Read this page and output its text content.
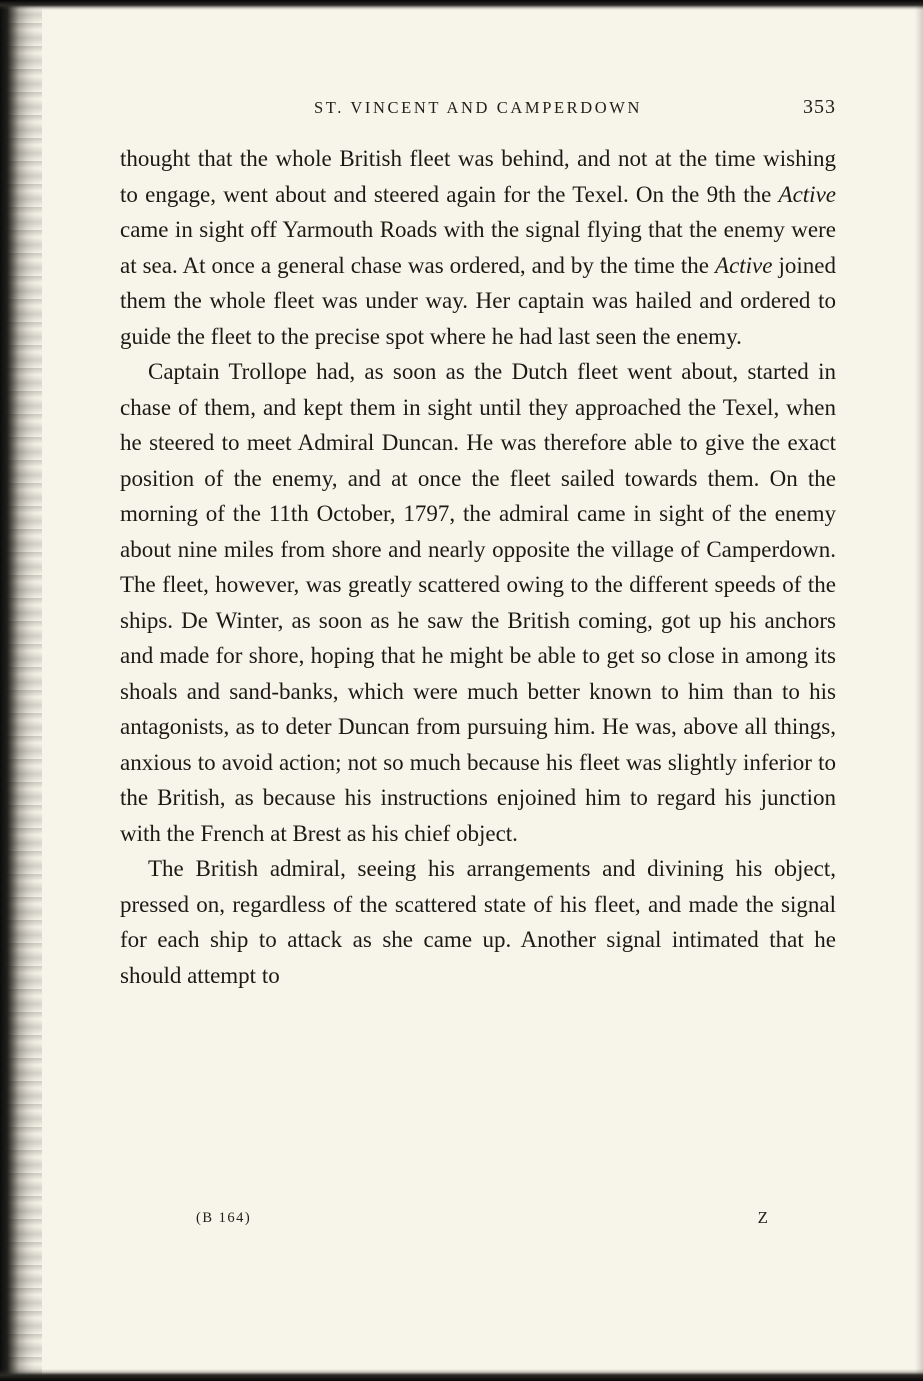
ST. VINCENT AND CAMPERDOWN	353

thought that the whole British fleet was behind, and not at the time wishing to engage, went about and steered again for the Texel. On the 9th the Active came in sight off Yarmouth Roads with the signal flying that the enemy were at sea. At once a general chase was ordered, and by the time the Active joined them the whole fleet was under way. Her captain was hailed and ordered to guide the fleet to the precise spot where he had last seen the enemy.

Captain Trollope had, as soon as the Dutch fleet went about, started in chase of them, and kept them in sight until they approached the Texel, when he steered to meet Admiral Duncan. He was therefore able to give the exact position of the enemy, and at once the fleet sailed towards them. On the morning of the 11th October, 1797, the admiral came in sight of the enemy about nine miles from shore and nearly opposite the village of Camperdown. The fleet, however, was greatly scattered owing to the different speeds of the ships. De Winter, as soon as he saw the British coming, got up his anchors and made for shore, hoping that he might be able to get so close in among its shoals and sand-banks, which were much better known to him than to his antagonists, as to deter Duncan from pursuing him. He was, above all things, anxious to avoid action; not so much because his fleet was slightly inferior to the British, as because his instructions enjoined him to regard his junction with the French at Brest as his chief object.

The British admiral, seeing his arrangements and divining his object, pressed on, regardless of the scattered state of his fleet, and made the signal for each ship to attack as she came up. Another signal intimated that he should attempt to

(B 164)	Z
